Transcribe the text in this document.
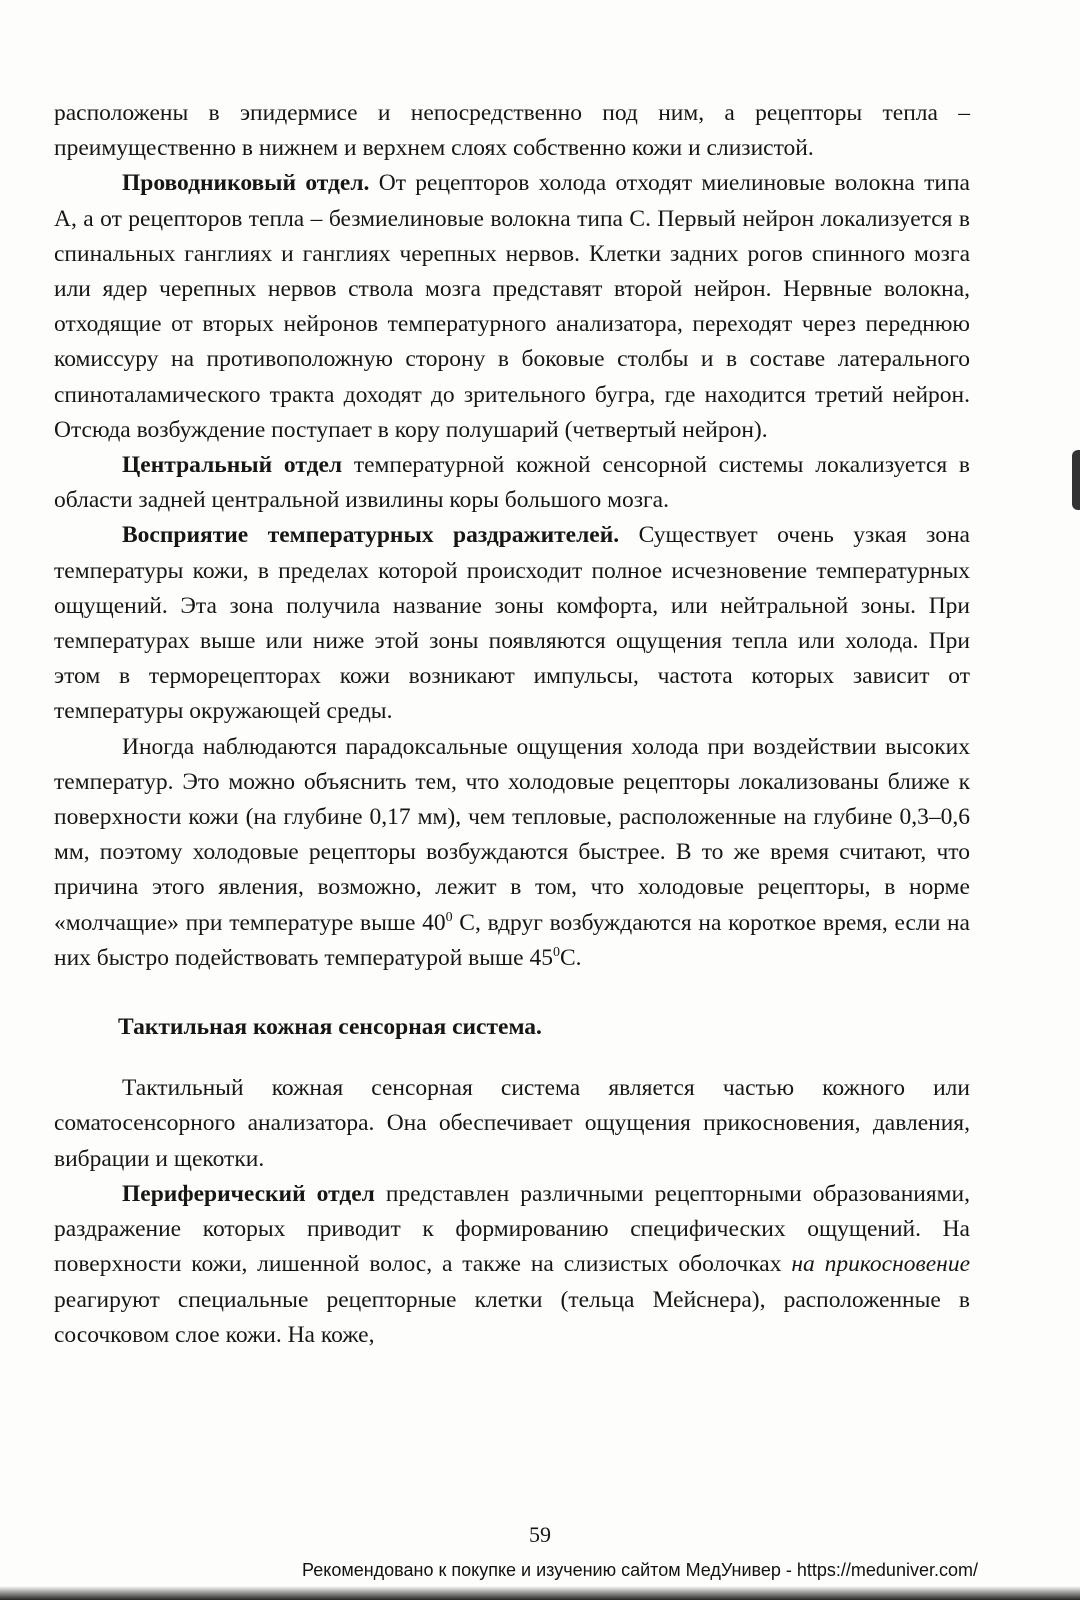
расположены в эпидермисе и непосредственно под ним, а рецепторы тепла – преимущественно в нижнем и верхнем слоях собственно кожи и слизистой.

Проводниковый отдел. От рецепторов холода отходят миелиновые волокна типа А, а от рецепторов тепла – безмиелиновые волокна типа С. Первый нейрон локализуется в спинальных ганглиях и ганглиях черепных нервов. Клетки задних рогов спинного мозга или ядер черепных нервов ствола мозга представят второй нейрон. Нервные волокна, отходящие от вторых нейронов температурного анализатора, переходят через переднюю комиссуру на противоположную сторону в боковые столбы и в составе латерального спиноталамического тракта доходят до зрительного бугра, где находится третий нейрон. Отсюда возбуждение поступает в кору полушарий (четвертый нейрон).

Центральный отдел температурной кожной сенсорной системы локализуется в области задней центральной извилины коры большого мозга.

Восприятие температурных раздражителей. Существует очень узкая зона температуры кожи, в пределах которой происходит полное исчезновение температурных ощущений. Эта зона получила название зоны комфорта, или нейтральной зоны. При температурах выше или ниже этой зоны появляются ощущения тепла или холода. При этом в терморецепторах кожи возникают импульсы, частота которых зависит от температуры окружающей среды.

Иногда наблюдаются парадоксальные ощущения холода при воздействии высоких температур. Это можно объяснить тем, что холодовые рецепторы локализованы ближе к поверхности кожи (на глубине 0,17 мм), чем тепловые, расположенные на глубине 0,3–0,6 мм, поэтому холодовые рецепторы возбуждаются быстрее. В то же время считают, что причина этого явления, возможно, лежит в том, что холодовые рецепторы, в норме «молчащие» при температуре выше $40^0$ С, вдруг возбуждаются на короткое время, если на них быстро подействовать температурой выше $45^0С$.

Тактильная кожная сенсорная система.

Тактильный кожная сенсорная система является частью кожного или соматосенсорного анализатора. Она обеспечивает ощущения прикосновения, давления, вибрации и щекотки.

Периферический отдел представлен различными рецепторными образованиями, раздражение которых приводит к формированию специфических ощущений. На поверхности кожи, лишенной волос, а также на слизистых оболочках на прикосновение реагируют специальные рецепторные клетки (тельца Мейснера), расположенные в сосочковом слое кожи. На коже,

59
Рекомендовано к покупке и изучению сайтом МедУнивер - https://meduniver.com/
